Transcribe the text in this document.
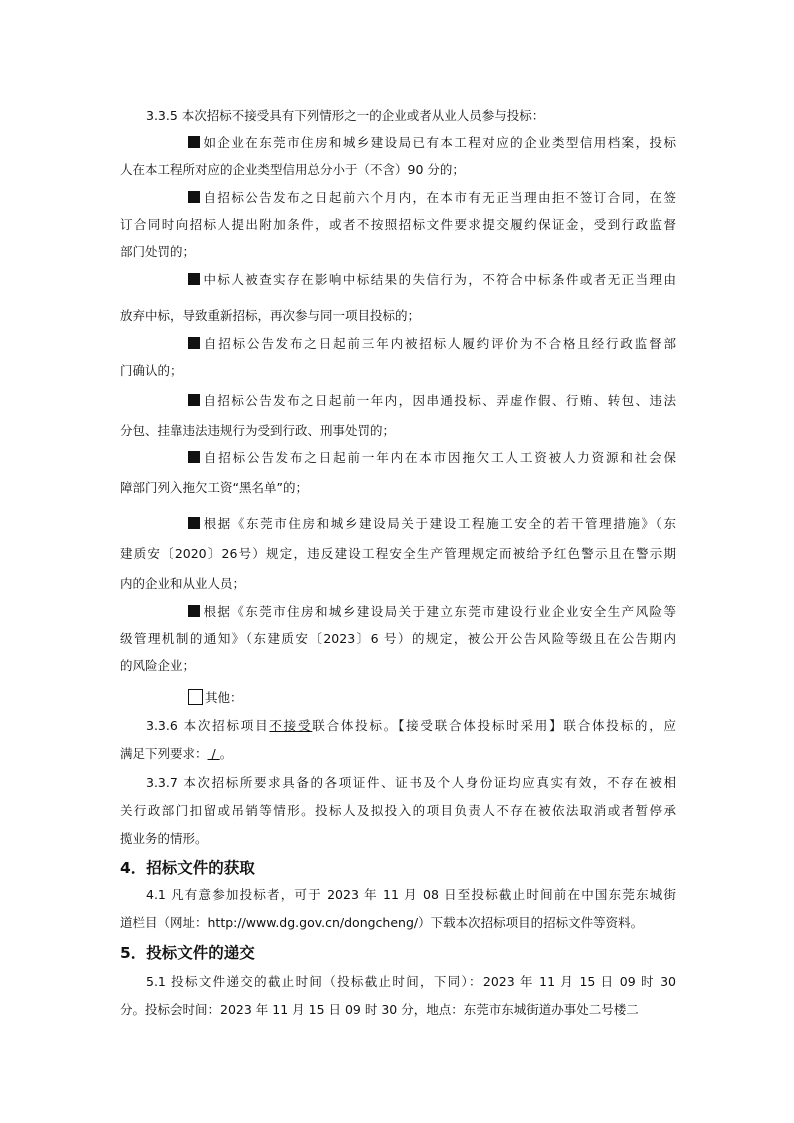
3.3.5 本次招标不接受具有下列情形之一的企业或者从业人员参与投标：
如企业在东莞市住房和城乡建设局已有本工程对应的企业类型信用档案，投标
人在本工程所对应的企业类型信用总分小于（不含）90 分的；
自招标公告发布之日起前六个月内，在本市有无正当理由拒不签订合同，在签
订合同时向招标人提出附加条件，或者不按照招标文件要求提交履约保证金，受到行政监督
部门处罚的；
中标人被查实存在影响中标结果的失信行为，不符合中标条件或者无正当理由
放弃中标，导致重新招标，再次参与同一项目投标的；
自招标公告发布之日起前三年内被招标人履约评价为不合格且经行政监督部
门确认的；
自招标公告发布之日起前一年内，因串通投标、弄虚作假、行贿、转包、违法
分包、挂靠违法违规行为受到行政、刑事处罚的；
自招标公告发布之日起前一年内在本市因拖欠工人工资被人力资源和社会保
障部门列入拖欠工资“黑名单”的；
根据《东莞市住房和城乡建设局关于建设工程施工安全的若干管理措施》（东
建质安〔2020〕26号）规定，违反建设工程安全生产管理规定而被给予红色警示且在警示期
内的企业和从业人员；
根据《东莞市住房和城乡建设局关于建立东莞市建设行业企业安全生产风险等
级管理机制的通知》（东建质安〔2023〕6 号）的规定，被公开公告风险等级且在公告期内
的风险企业；
其他：
3.3.6 本次招标项目不接受联合体投标。【接受联合体投标时采用】联合体投标的，应
满足下列要求： / 。
3.3.7 本次招标所要求具备的各项证件、证书及个人身份证均应真实有效，不存在被相
关行政部门扣留或吊销等情形。投标人及拟投入的项目负责人不存在被依法取消或者暂停承
揽业务的情形。
4．招标文件的获取
4.1 凡有意参加投标者，可于 2023 年 11 月 08 日至投标截止时间前在中国东莞东城街
道栏目（网址：http://www.dg.gov.cn/dongcheng/）下载本次招标项目的招标文件等资料。
5．投标文件的递交
5.1 投标文件递交的截止时间（投标截止时间，下同）：2023 年 11 月 15 日 09 时 30
分。投标会时间：2023 年 11 月 15 日 09 时 30 分，地点：东莞市东城街道办事处二号楼二
